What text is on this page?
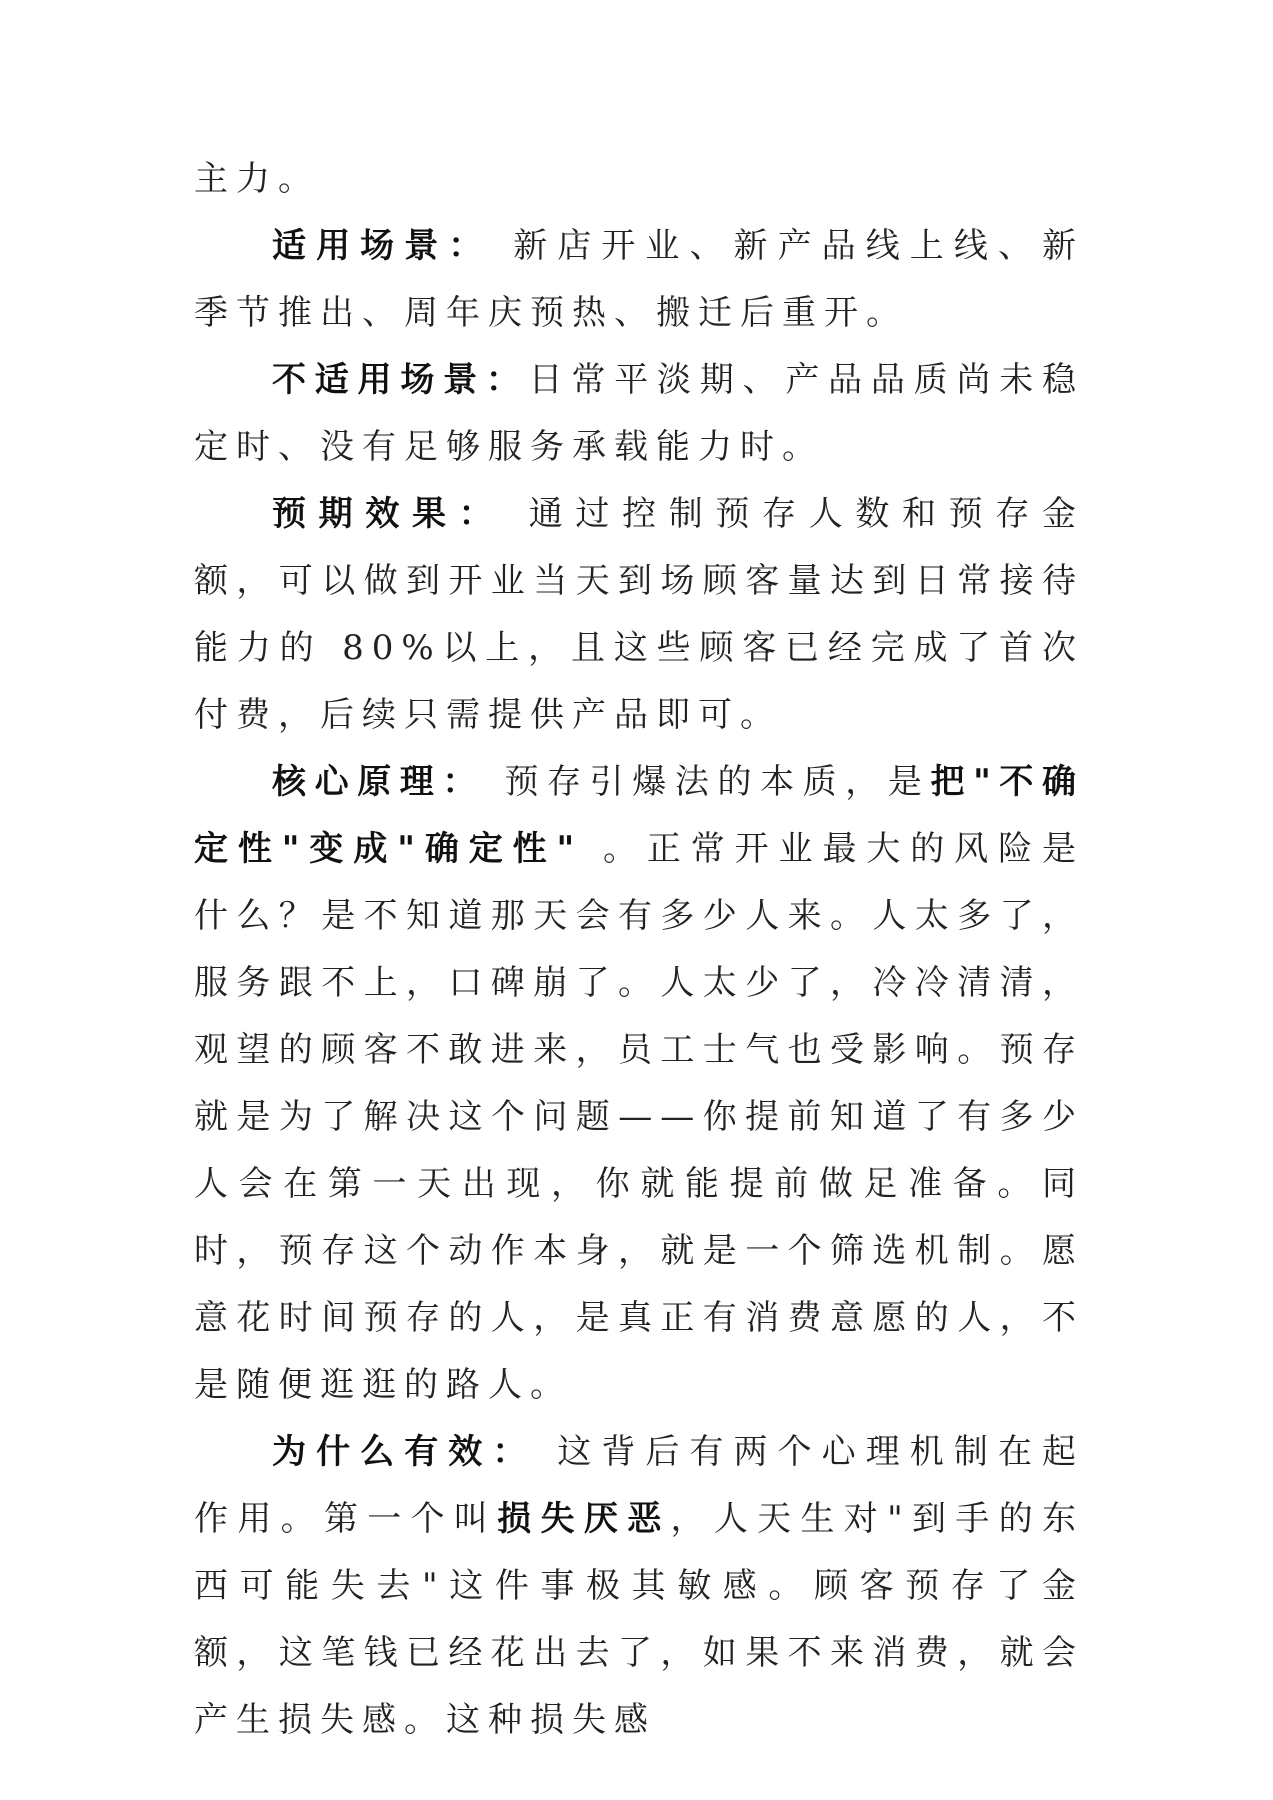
主力。

适用场景： 新店开业、新产品线上线、新季节推出、周年庆预热、搬迁后重开。

不适用场景：日常平淡期、产品品质尚未稳定时、没有足够服务承载能力时。

预期效果： 通过控制预存人数和预存金额，可以做到开业当天到场顾客量达到日常接待能力的 80%以上，且这些顾客已经完成了首次付费，后续只需提供产品即可。

核心原理： 预存引爆法的本质，是把"不确定性"变成"确定性" 。正常开业最大的风险是什么？是不知道那天会有多少人来。人太多了，服务跟不上，口碑崩了。人太少了，冷冷清清，观望的顾客不敢进来，员工士气也受影响。预存就是为了解决这个问题——你提前知道了有多少人会在第一天出现，你就能提前做足准备。同时，预存这个动作本身，就是一个筛选机制。愿意花时间预存的人，是真正有消费意愿的人，不是随便逛逛的路人。

为什么有效： 这背后有两个心理机制在起作用。第一个叫损失厌恶，人天生对"到手的东西可能失去"这件事极其敏感。顾客预存了金额，这笔钱已经花出去了，如果不来消费，就会产生损失感。这种损失感
